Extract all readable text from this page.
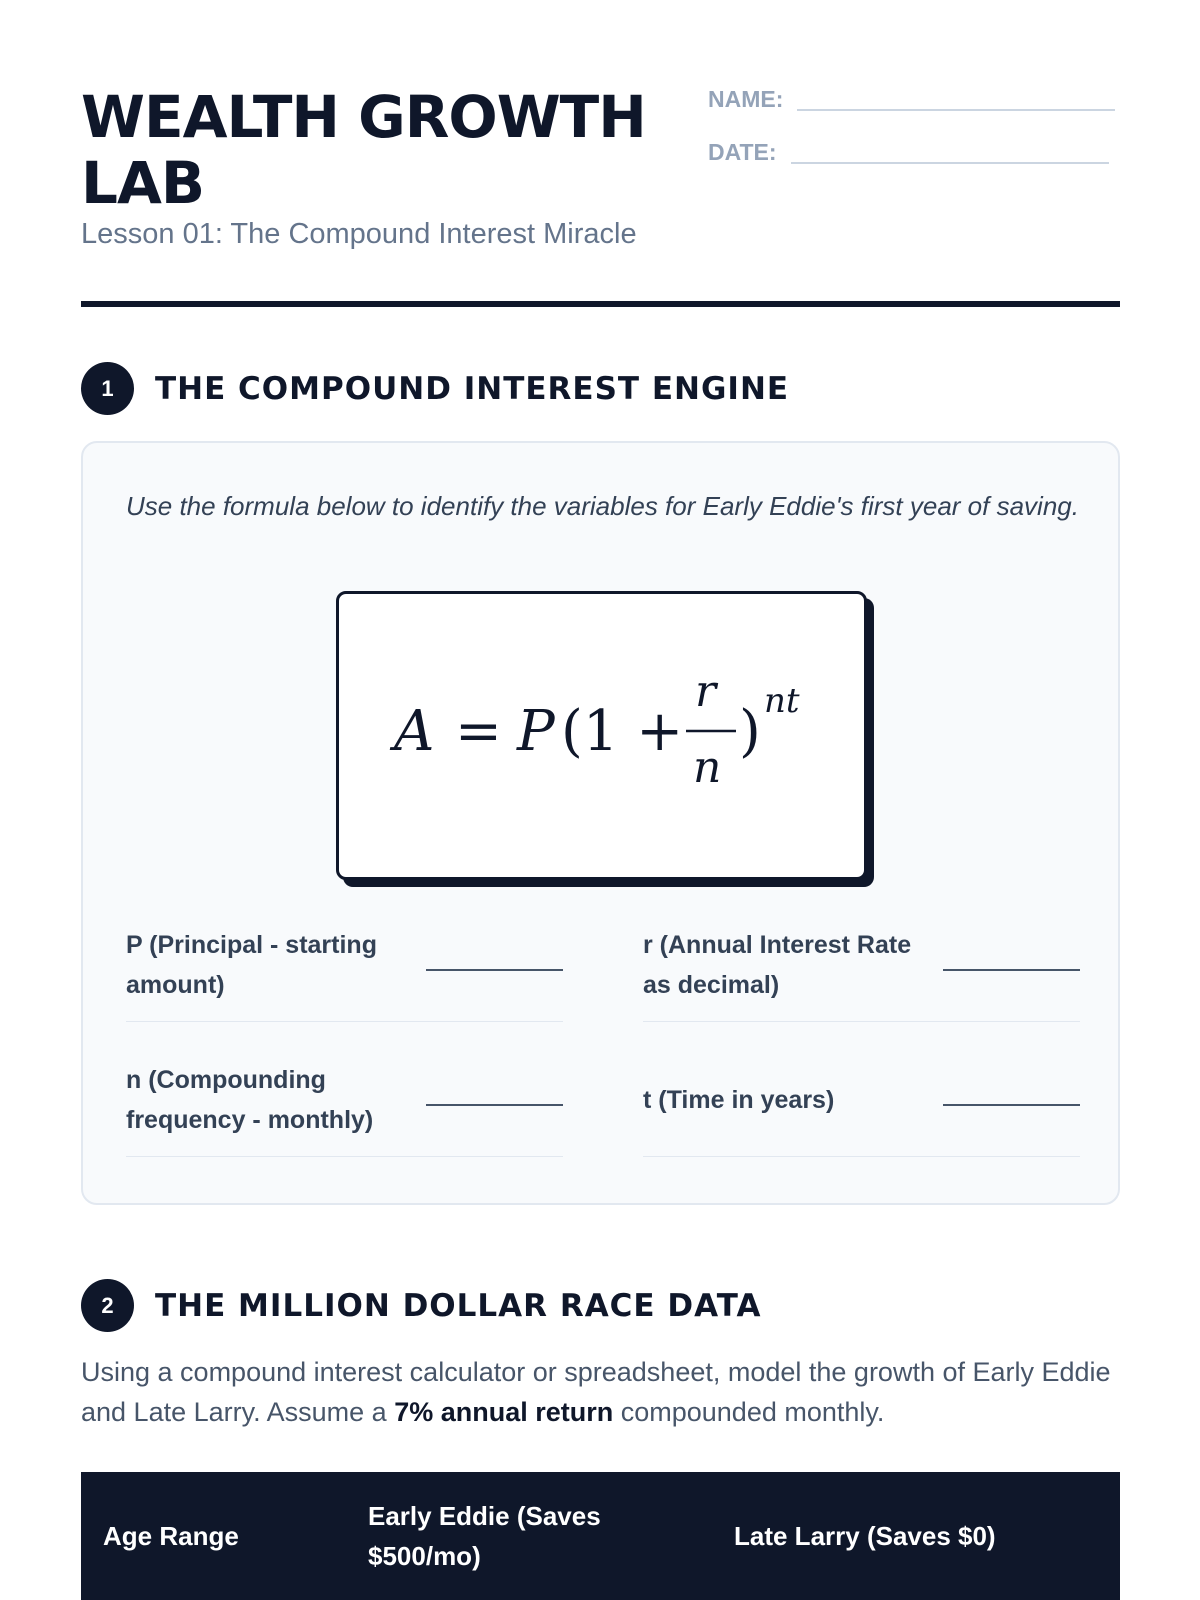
WEALTH GROWTH LAB
Lesson 01: The Compound Interest Miracle
NAME:
DATE:
1	THE COMPOUND INTEREST ENGINE
Use the formula below to identify the variables for Early Eddie's first year of saving.
A = P (1 +
r
n
) nt
P (Principal - starting amount)
r (Annual Interest Rate as decimal)
n (Compounding frequency - monthly)
t (Time in years)
2	THE MILLION DOLLAR RACE DATA
Using a compound interest calculator or spreadsheet, model the growth of Early Eddie and Late Larry. Assume a 7% annual return compounded monthly.
Age Range
Early Eddie (Saves $500/mo)
Late Larry (Saves $0)
